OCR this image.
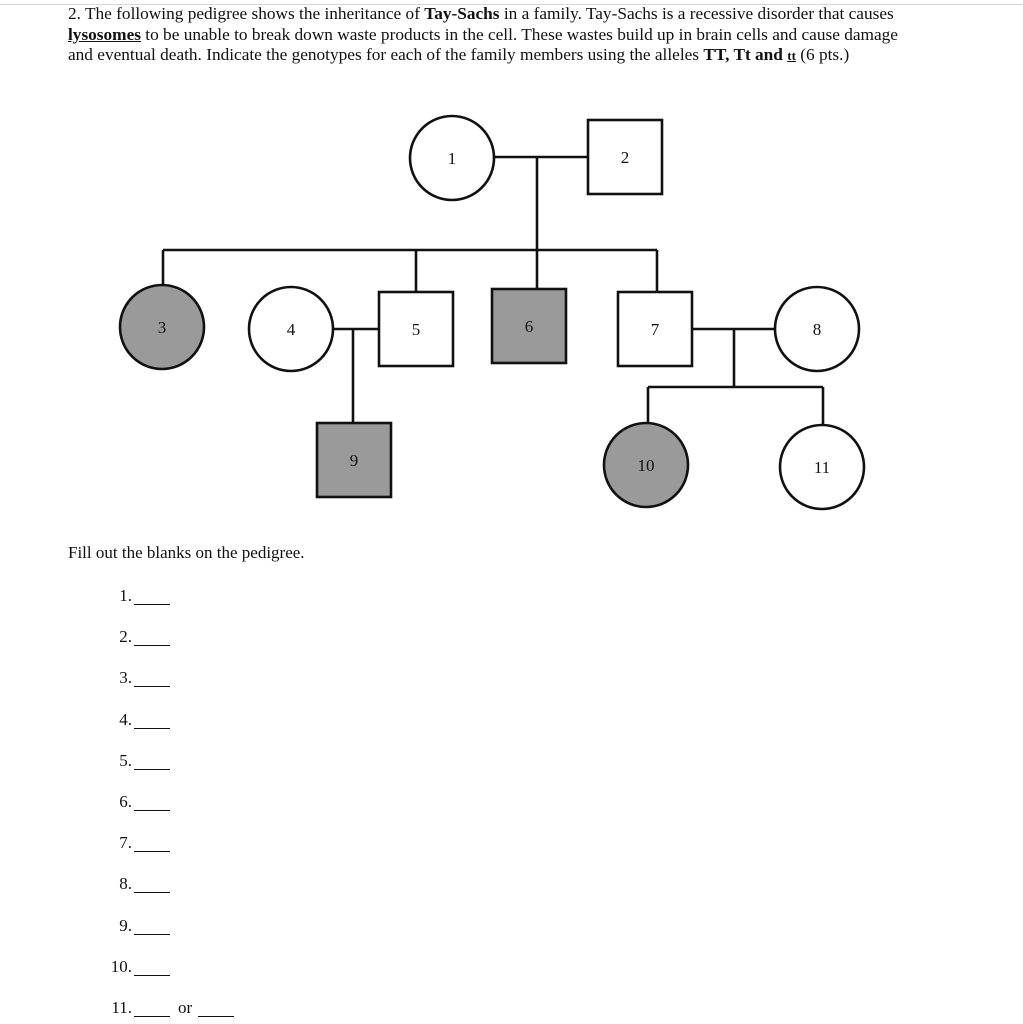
2. The following pedigree shows the inheritance of Tay-Sachs in a family. Tay-Sachs is a recessive disorder that causes lysosomes to be unable to break down waste products in the cell. These wastes build up in brain cells and cause damage and eventual death. Indicate the genotypes for each of the family members using the alleles TT, Tt and tt (6 pts.)
1	2
3	4	5	6	7	8
9	10	11
Fill out the blanks on the pedigree.
1.
2.
3.
4.
5.
6.
7.
8.
9.
10.
11.	or
